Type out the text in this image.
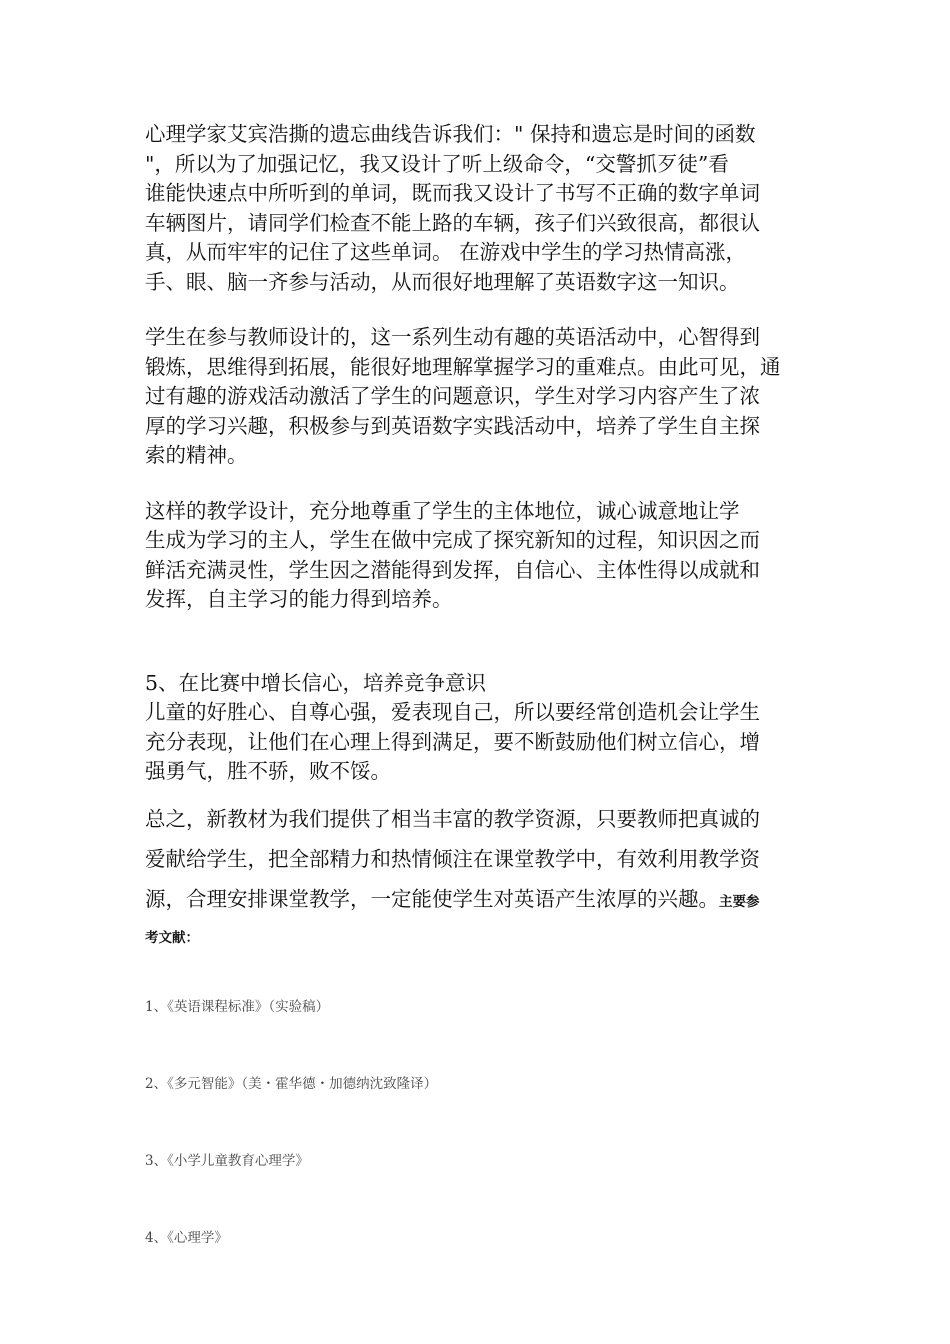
心理学家艾宾浩撕的遗忘曲线告诉我们：" 保持和遗忘是时间的函数
"，所以为了加强记忆，我又设计了听上级命令，“交警抓歹徒”看
谁能快速点中所听到的单词，既而我又设计了书写不正确的数字单词
车辆图片，请同学们检查不能上路的车辆，孩子们兴致很高，都很认
真，从而牢牢的记住了这些单词。 在游戏中学生的学习热情高涨，
手、眼、脑一齐参与活动，从而很好地理解了英语数字这一知识。

学生在参与教师设计的，这一系列生动有趣的英语活动中，心智得到
锻炼，思维得到拓展，能很好地理解掌握学习的重难点。由此可见，通
过有趣的游戏活动激活了学生的问题意识，学生对学习内容产生了浓
厚的学习兴趣，积极参与到英语数字实践活动中，培养了学生自主探
索的精神。

这样的教学设计，充分地尊重了学生的主体地位，诚心诚意地让学
生成为学习的主人，学生在做中完成了探究新知的过程，知识因之而
鲜活充满灵性，学生因之潜能得到发挥，自信心、主体性得以成就和
发挥，自主学习的能力得到培养。

5、在比赛中增长信心，培养竞争意识
儿童的好胜心、自尊心强，爱表现自己，所以要经常创造机会让学生
充分表现，让他们在心理上得到满足，要不断鼓励他们树立信心，增
强勇气，胜不骄，败不馁。

总之，新教材为我们提供了相当丰富的教学资源，只要教师把真诚的
爱献给学生，把全部精力和热情倾注在课堂教学中，有效利用教学资
源，合理安排课堂教学，一定能使学生对英语产生浓厚的兴趣。主要参

考文献：

1、《英语课程标准》（实验稿）

2、《多元智能》（美・霍华德・加德纳沈致隆译）

3、《小学儿童教育心理学》

4、《心理学》
